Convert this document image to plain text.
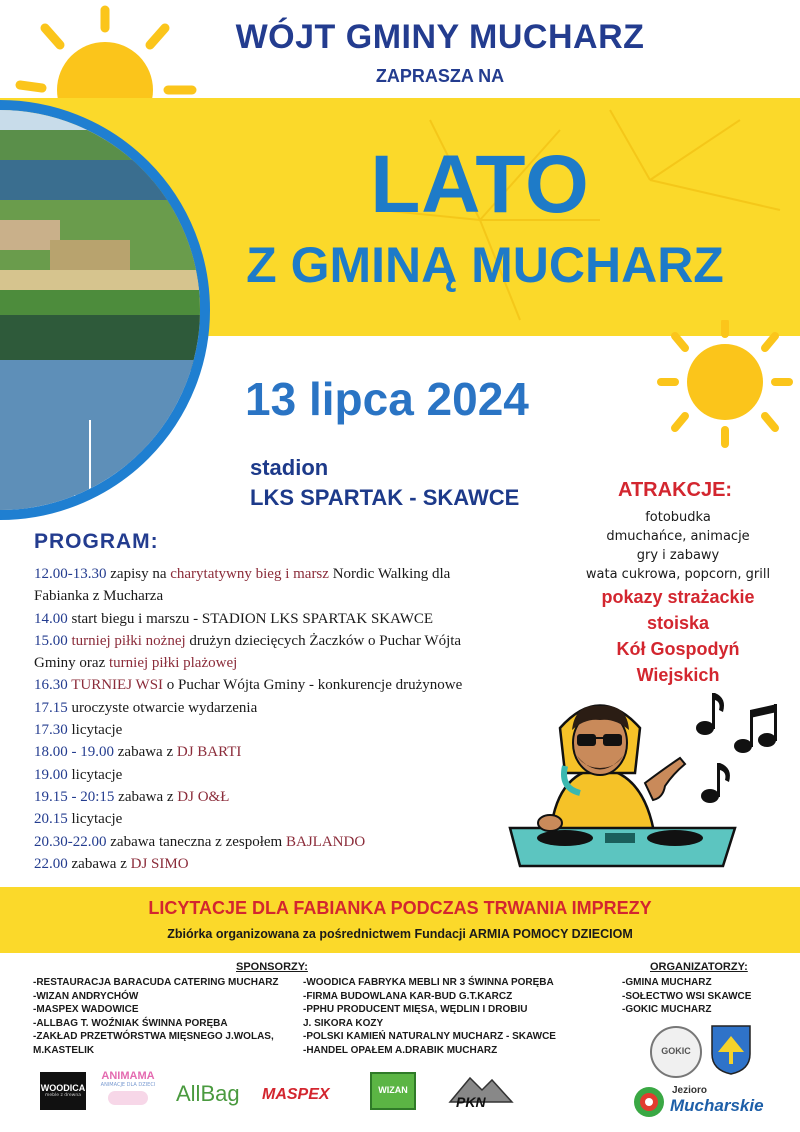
WÓJT GMINY MUCHARZ
ZAPRASZA NA
LATO
Z GMINĄ MUCHARZ
13 lipca 2024
stadion
LKS SPARTAK - SKAWCE	ATRAKCJE:
fotobudka
dmuchańce, animacje
gry i zabawy
wata cukrowa, popcorn, grill
pokazy strażackie
stoiska
Kół Gospodyń
Wiejskich
PROGRAM:
12.00-13.30 zapisy na charytatywny bieg i marsz Nordic Walking dla
Fabianka z Mucharza
14.00 start biegu i marszu - STADION LKS SPARTAK SKAWCE
15.00 turniej piłki nożnej drużyn dziecięcych Żaczków o Puchar Wójta
Gminy oraz turniej piłki plażowej
16.30 TURNIEJ WSI o Puchar Wójta Gminy - konkurencje drużynowe
17.15 uroczyste otwarcie wydarzenia
17.30 licytacje
18.00 - 19.00 zabawa z DJ BARTI
19.00 licytacje
19.15 - 20:15 zabawa z DJ O&Ł
20.15 licytacje
20.30-22.00 zabawa taneczna z zespołem BAJLANDO
22.00 zabawa z DJ SIMO
LICYTACJE DLA FABIANKA PODCZAS TRWANIA IMPREZY
Zbiórka organizowana za pośrednictwem Fundacji ARMIA POMOCY DZIECIOM
SPONSORZY:
-RESTAURACJA BARACUDA CATERING MUCHARZ
-WIZAN ANDRYCHÓW
-MASPEX WADOWICE
-ALLBAG T. WOŹNIAK ŚWINNA PORĘBA
-ZAKŁAD PRZETWÓRSTWA MIĘSNEGO J.WOLAS,
M.KASTELIK
-WOODICA FABRYKA MEBLI NR 3 ŚWINNA PORĘBA
-FIRMA BUDOWLANA KAR-BUD G.T.KARCZ
-PPHU PRODUCENT MIĘSA, WĘDLIN I DROBIU
J. SIKORA KOZY
-POLSKI KAMIEŃ NATURALNY MUCHARZ - SKAWCE
-HANDEL OPAŁEM A.DRABIK MUCHARZ
ORGANIZATORZY:
-GMINA MUCHARZ
-SOŁECTWO WSI SKAWCE
-GOKIC MUCHARZ
GOKIC
Jezioro
Mucharskie
WOODICA
meble z drewna
ANIMAMA
ANIMACJE DLA DZIECI AllBag MASPEX	WIZAN
PKN
